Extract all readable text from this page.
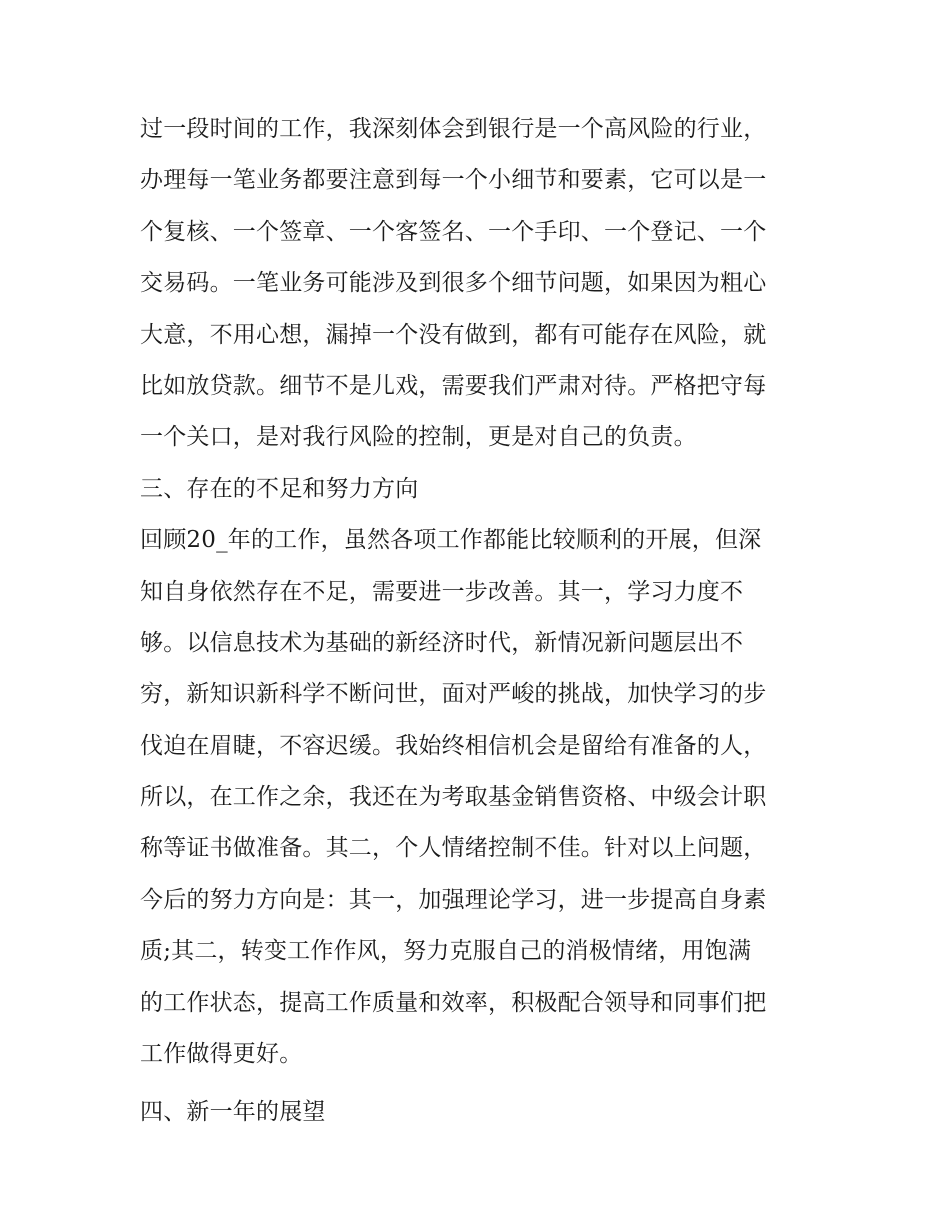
过一段时间的工作，我深刻体会到银行是一个高风险的行业，
办理每一笔业务都要注意到每一个小细节和要素，它可以是一
个复核、一个签章、一个客签名、一个手印、一个登记、一个
交易码。一笔业务可能涉及到很多个细节问题，如果因为粗心
大意，不用心想，漏掉一个没有做到，都有可能存在风险，就
比如放贷款。细节不是儿戏，需要我们严肃对待。严格把守每
一个关口，是对我行风险的控制，更是对自己的负责。
三、存在的不足和努力方向
回顾20_年的工作，虽然各项工作都能比较顺利的开展，但深
知自身依然存在不足，需要进一步改善。其一，学习力度不
够。以信息技术为基础的新经济时代，新情况新问题层出不
穷，新知识新科学不断问世，面对严峻的挑战，加快学习的步
伐迫在眉睫，不容迟缓。我始终相信机会是留给有准备的人，
所以，在工作之余，我还在为考取基金销售资格、中级会计职
称等证书做准备。其二，个人情绪控制不佳。针对以上问题，
今后的努力方向是：其一，加强理论学习，进一步提高自身素
质;其二，转变工作作风，努力克服自己的消极情绪，用饱满
的工作状态，提高工作质量和效率，积极配合领导和同事们把
工作做得更好。
四、新一年的展望
